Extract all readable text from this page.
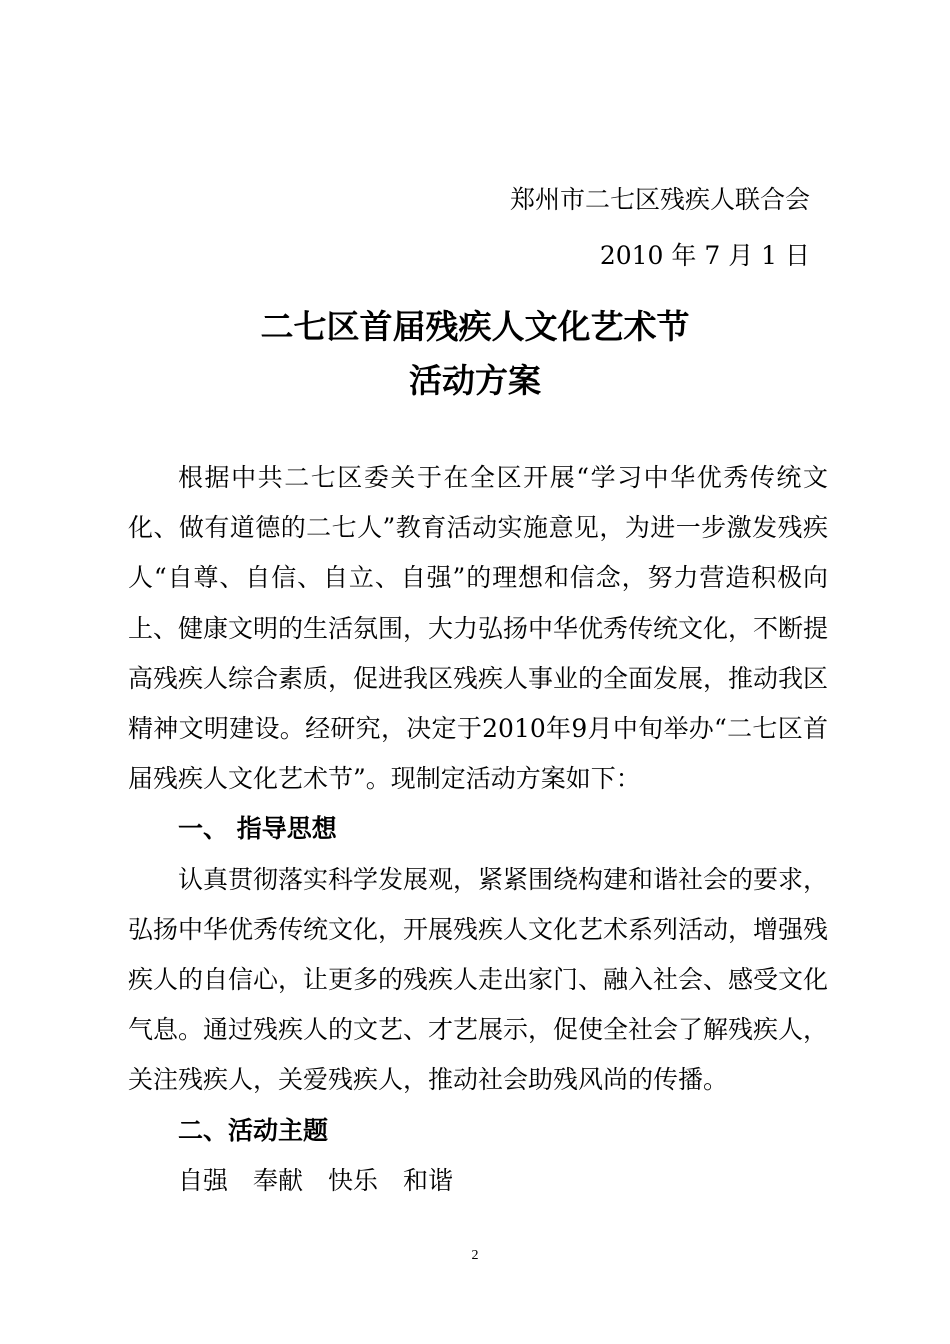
郑州市二七区残疾人联合会
2010 年 7 月 1 日
二七区首届残疾人文化艺术节
活动方案

根据中共二七区委关于在全区开展“学习中华优秀传统文化、做有道德的二七人”教育活动实施意见，为进一步激发残疾人“自尊、自信、自立、自强”的理想和信念，努力营造积极向上、健康文明的生活氛围，大力弘扬中华优秀传统文化，不断提高残疾人综合素质，促进我区残疾人事业的全面发展，推动我区精神文明建设。经研究，决定于2010年9月中旬举办“二七区首届残疾人文化艺术节”。现制定活动方案如下：

一、 指导思想

认真贯彻落实科学发展观，紧紧围绕构建和谐社会的要求，弘扬中华优秀传统文化，开展残疾人文化艺术系列活动，增强残疾人的自信心，让更多的残疾人走出家门、融入社会、感受文化气息。通过残疾人的文艺、才艺展示，促使全社会了解残疾人，关注残疾人，关爱残疾人，推动社会助残风尚的传播。

二、活动主题

自强　奉献　快乐　和谐

2
